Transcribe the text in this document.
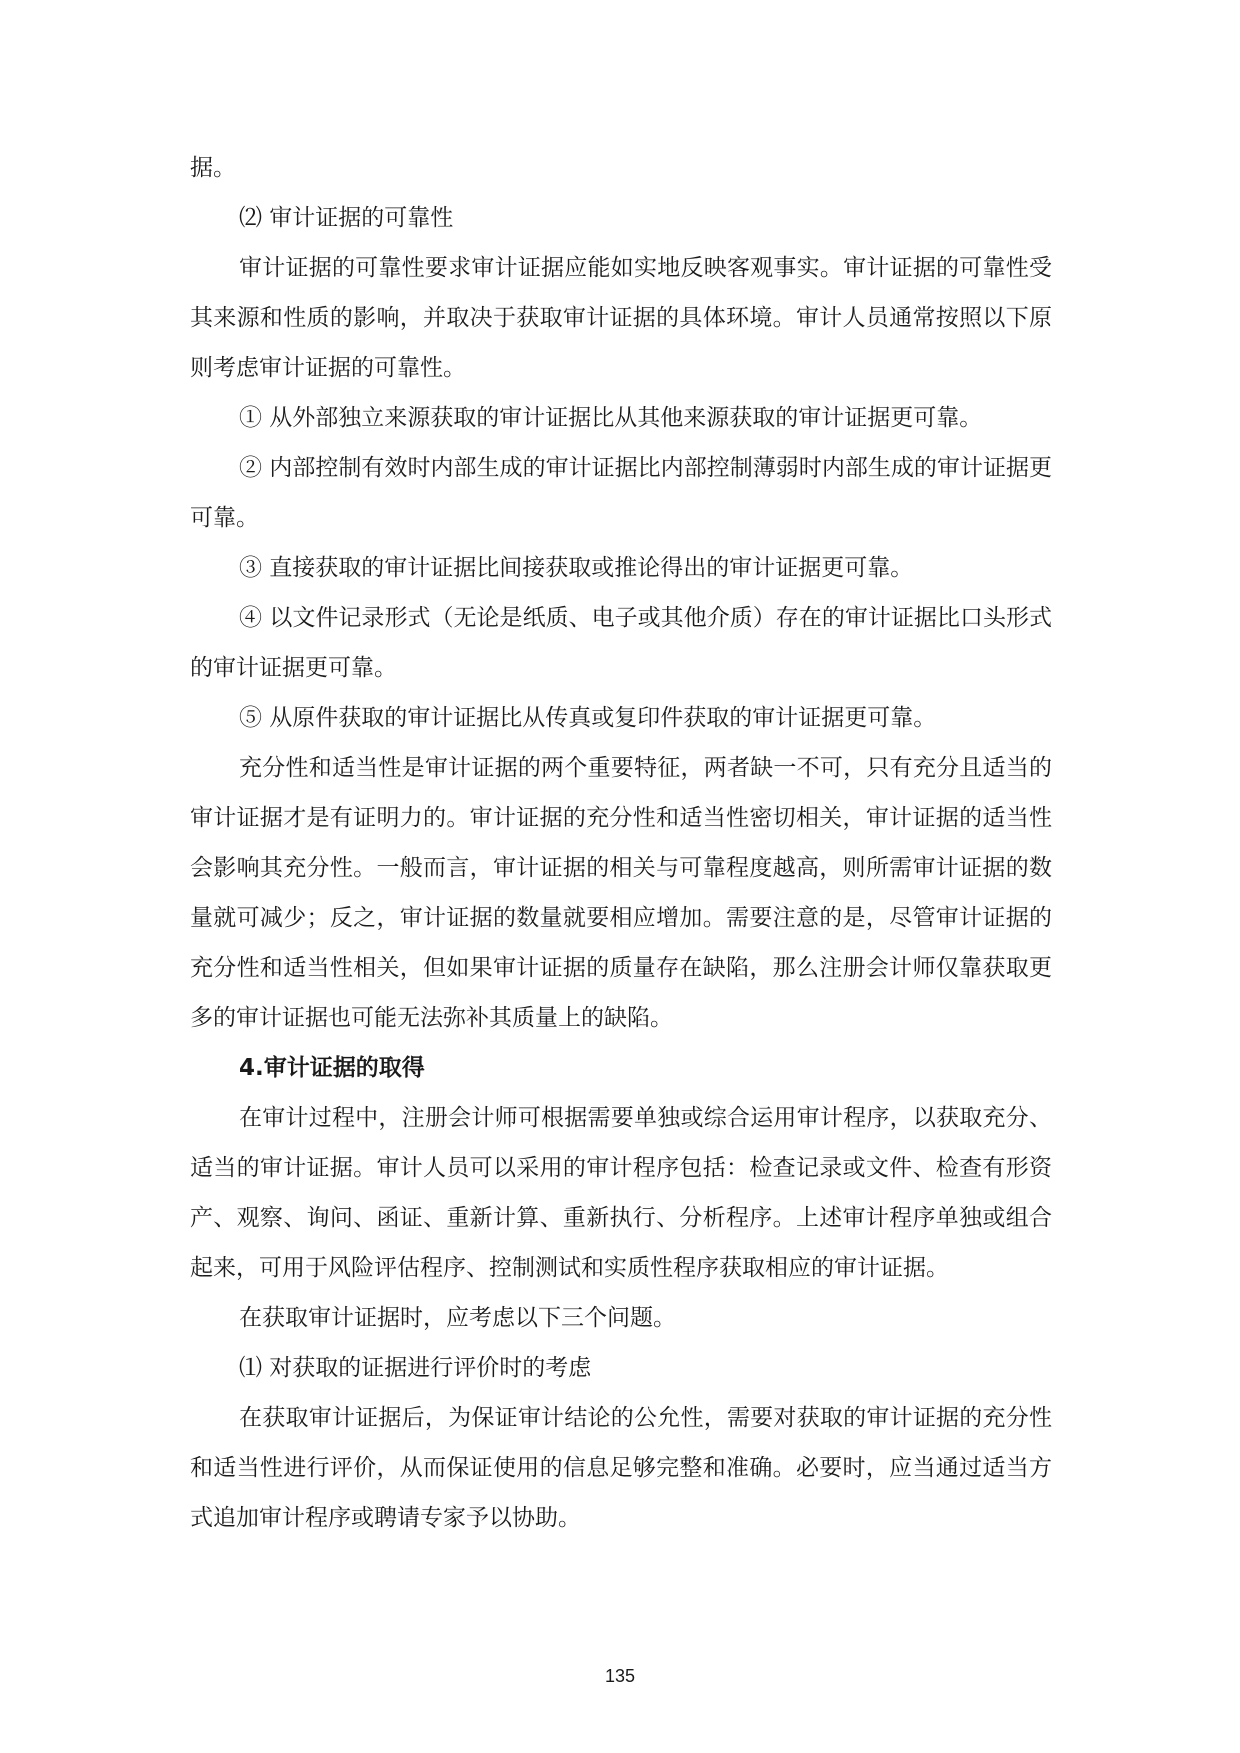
据。

⑵ 审计证据的可靠性

审计证据的可靠性要求审计证据应能如实地反映客观事实。审计证据的可靠性受其来源和性质的影响，并取决于获取审计证据的具体环境。审计人员通常按照以下原则考虑审计证据的可靠性。

① 从外部独立来源获取的审计证据比从其他来源获取的审计证据更可靠。

② 内部控制有效时内部生成的审计证据比内部控制薄弱时内部生成的审计证据更可靠。

③ 直接获取的审计证据比间接获取或推论得出的审计证据更可靠。

④ 以文件记录形式（无论是纸质、电子或其他介质）存在的审计证据比口头形式的审计证据更可靠。

⑤ 从原件获取的审计证据比从传真或复印件获取的审计证据更可靠。

充分性和适当性是审计证据的两个重要特征，两者缺一不可，只有充分且适当的审计证据才是有证明力的。审计证据的充分性和适当性密切相关，审计证据的适当性会影响其充分性。一般而言，审计证据的相关与可靠程度越高，则所需审计证据的数量就可减少；反之，审计证据的数量就要相应增加。需要注意的是，尽管审计证据的充分性和适当性相关，但如果审计证据的质量存在缺陷，那么注册会计师仅靠获取更多的审计证据也可能无法弥补其质量上的缺陷。

4.审计证据的取得

在审计过程中，注册会计师可根据需要单独或综合运用审计程序，以获取充分、适当的审计证据。审计人员可以采用的审计程序包括：检查记录或文件、检查有形资产、观察、询问、函证、重新计算、重新执行、分析程序。上述审计程序单独或组合起来，可用于风险评估程序、控制测试和实质性程序获取相应的审计证据。

在获取审计证据时，应考虑以下三个问题。

⑴ 对获取的证据进行评价时的考虑

在获取审计证据后，为保证审计结论的公允性，需要对获取的审计证据的充分性和适当性进行评价，从而保证使用的信息足够完整和准确。必要时，应当通过适当方式追加审计程序或聘请专家予以协助。

135
